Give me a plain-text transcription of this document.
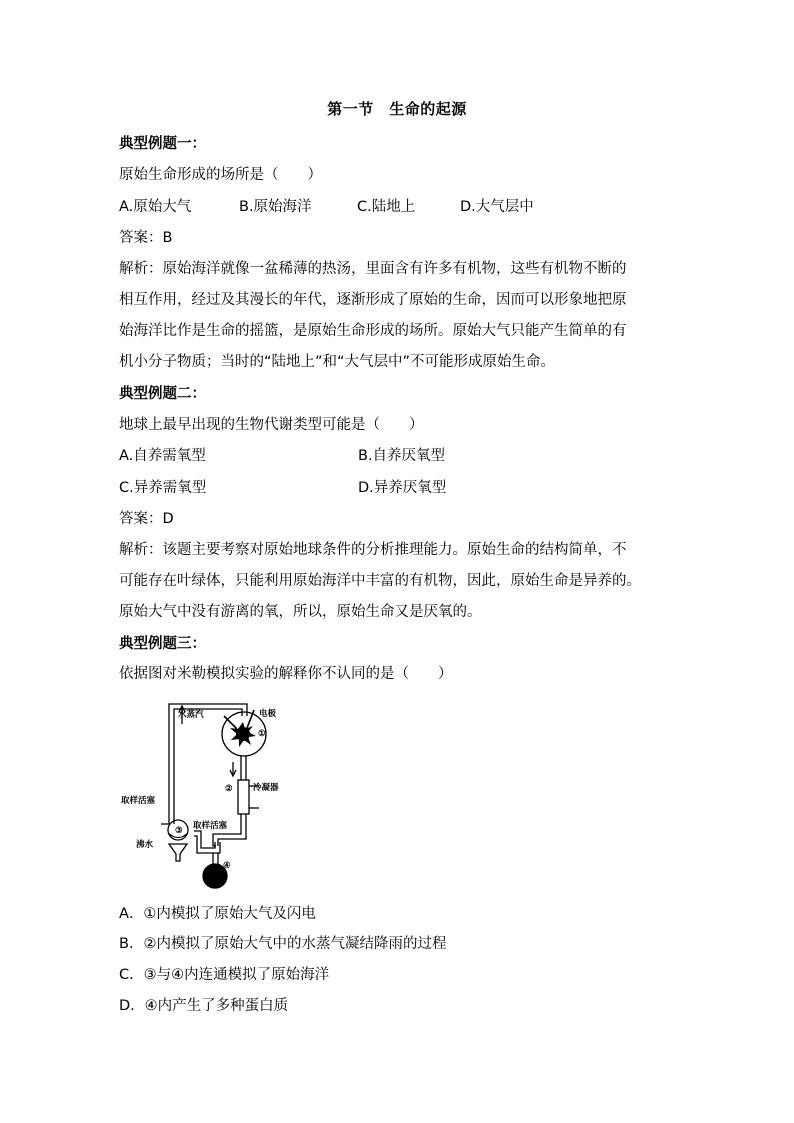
第一节　生命的起源
典型例题一：
原始生命形成的场所是（　　）
A.原始大气	B.原始海洋	C.陆地上	D.大气层中
答案：B
解析：原始海洋就像一盆稀薄的热汤，里面含有许多有机物，这些有机物不断的
相互作用，经过及其漫长的年代，逐渐形成了原始的生命，因而可以形象地把原
始海洋比作是生命的摇篮，是原始生命形成的场所。原始大气只能产生简单的有
机小分子物质；当时的“陆地上”和“大气层中”不可能形成原始生命。
典型例题二：
地球上最早出现的生物代谢类型可能是（　　）
A.自养需氧型	B.自养厌氧型
C.异养需氧型	D.异养厌氧型
答案：D
解析：该题主要考察对原始地球条件的分析推理能力。原始生命的结构简单，不
可能存在叶绿体，只能利用原始海洋中丰富的有机物，因此，原始生命是异养的。
原始大气中没有游离的氧，所以，原始生命又是厌氧的。
典型例题三：
依据图对米勒模拟实验的解释你不认同的是（　　）
水蒸汽	电极
①
② 冷凝器
取样活塞
取样活塞
③
沸水
④
A．①内模拟了原始大气及闪电
B．②内模拟了原始大气中的水蒸气凝结降雨的过程
C．③与④内连通模拟了原始海洋
D．④内产生了多种蛋白质
